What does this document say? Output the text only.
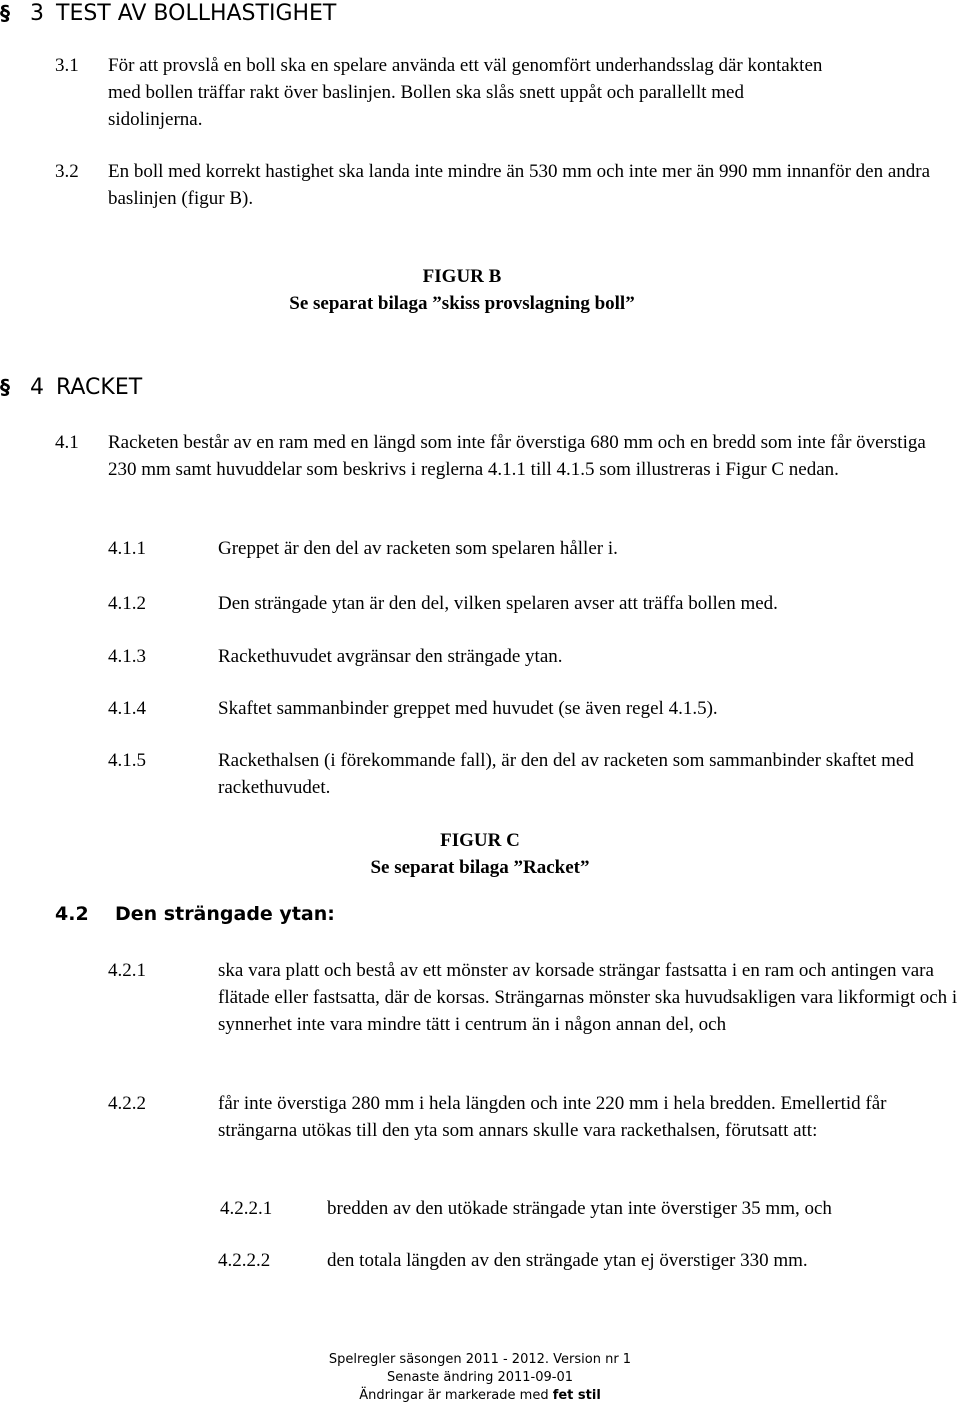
§ 3 TEST AV BOLLHASTIGHET
3.1 För att provslå en boll ska en spelare använda ett väl genomfört underhandsslag där kontakten med bollen träffar rakt över baslinjen. Bollen ska slås snett uppåt och parallellt med sidolinjerna.
3.2 En boll med korrekt hastighet ska landa inte mindre än 530 mm och inte mer än 990 mm innanför den andra baslinjen (figur B).
FIGUR B
Se separat bilaga ”skiss provslagning boll”
§ 4 RACKET
4.1 Racketen består av en ram med en längd som inte får överstiga 680 mm och en bredd som inte får överstiga 230 mm samt huvuddelar som beskrivs i reglerna 4.1.1 till 4.1.5 som illustreras i Figur C nedan.
4.1.1	Greppet är den del av racketen som spelaren håller i.
4.1.2	Den strängade ytan är den del, vilken spelaren avser att träffa bollen med.
4.1.3	Rackethuvudet avgränsar den strängade ytan.
4.1.4	Skaftet sammanbinder greppet med huvudet (se även regel 4.1.5).
4.1.5	Rackethalsen (i förekommande fall), är den del av racketen som sammanbinder skaftet med rackethuvudet.
FIGUR C
Se separat bilaga ”Racket”
4.2 Den strängade ytan:
4.2.1	ska vara platt och bestå av ett mönster av korsade strängar fastsatta i en ram och antingen vara flätade eller fastsatta, där de korsas. Strängarnas mönster ska huvudsakligen vara likformigt och i synnerhet inte vara mindre tätt i centrum än i någon annan del, och
4.2.2	får inte överstiga 280 mm i hela längden och inte 220 mm i hela bredden. Emellertid får strängarna utökas till den yta som annars skulle vara rackethalsen, förutsatt att:
4.2.2.1	bredden av den utökade strängade ytan inte överstiger 35 mm, och
4.2.2.2	den totala längden av den strängade ytan ej överstiger 330 mm.
Spelregler säsongen 2011 - 2012. Version nr 1
Senaste ändring 2011-09-01
Ändringar är markerade med fet stil
